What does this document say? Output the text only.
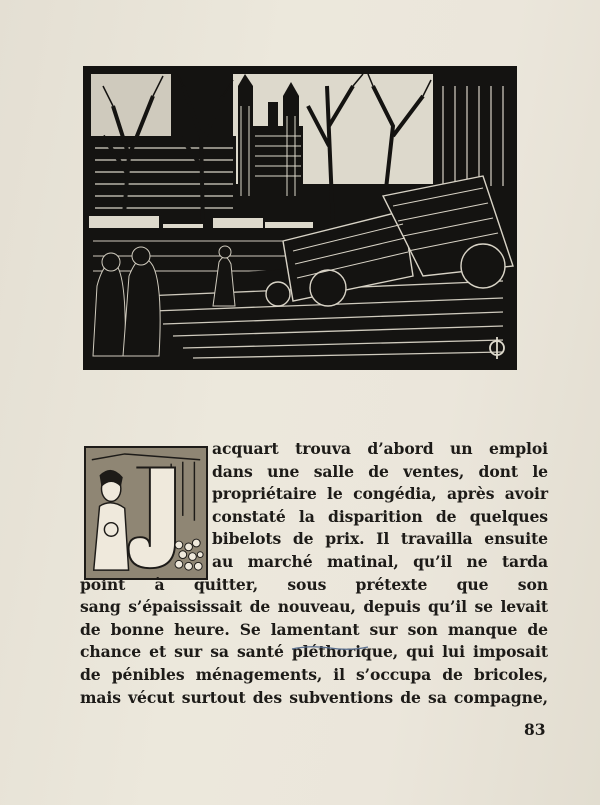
acquart trouva d’abord un emploi
dans une salle de ventes, dont le
propriétaire le congédia, après avoir
constaté la disparition de quelques
bibelots de prix. Il travailla ensuite
au marché matinal, qu’il ne tarda
point à quitter, sous prétexte que son
sang s’épaississait de nouveau, depuis qu’il se levait
de bonne heure. Se lamentant sur son manque de
chance et sur sa santé pléthorique, qui lui imposait
de pénibles ménagements, il s’occupa de bricoles,
mais vécut surtout des subventions de sa compagne,
83
